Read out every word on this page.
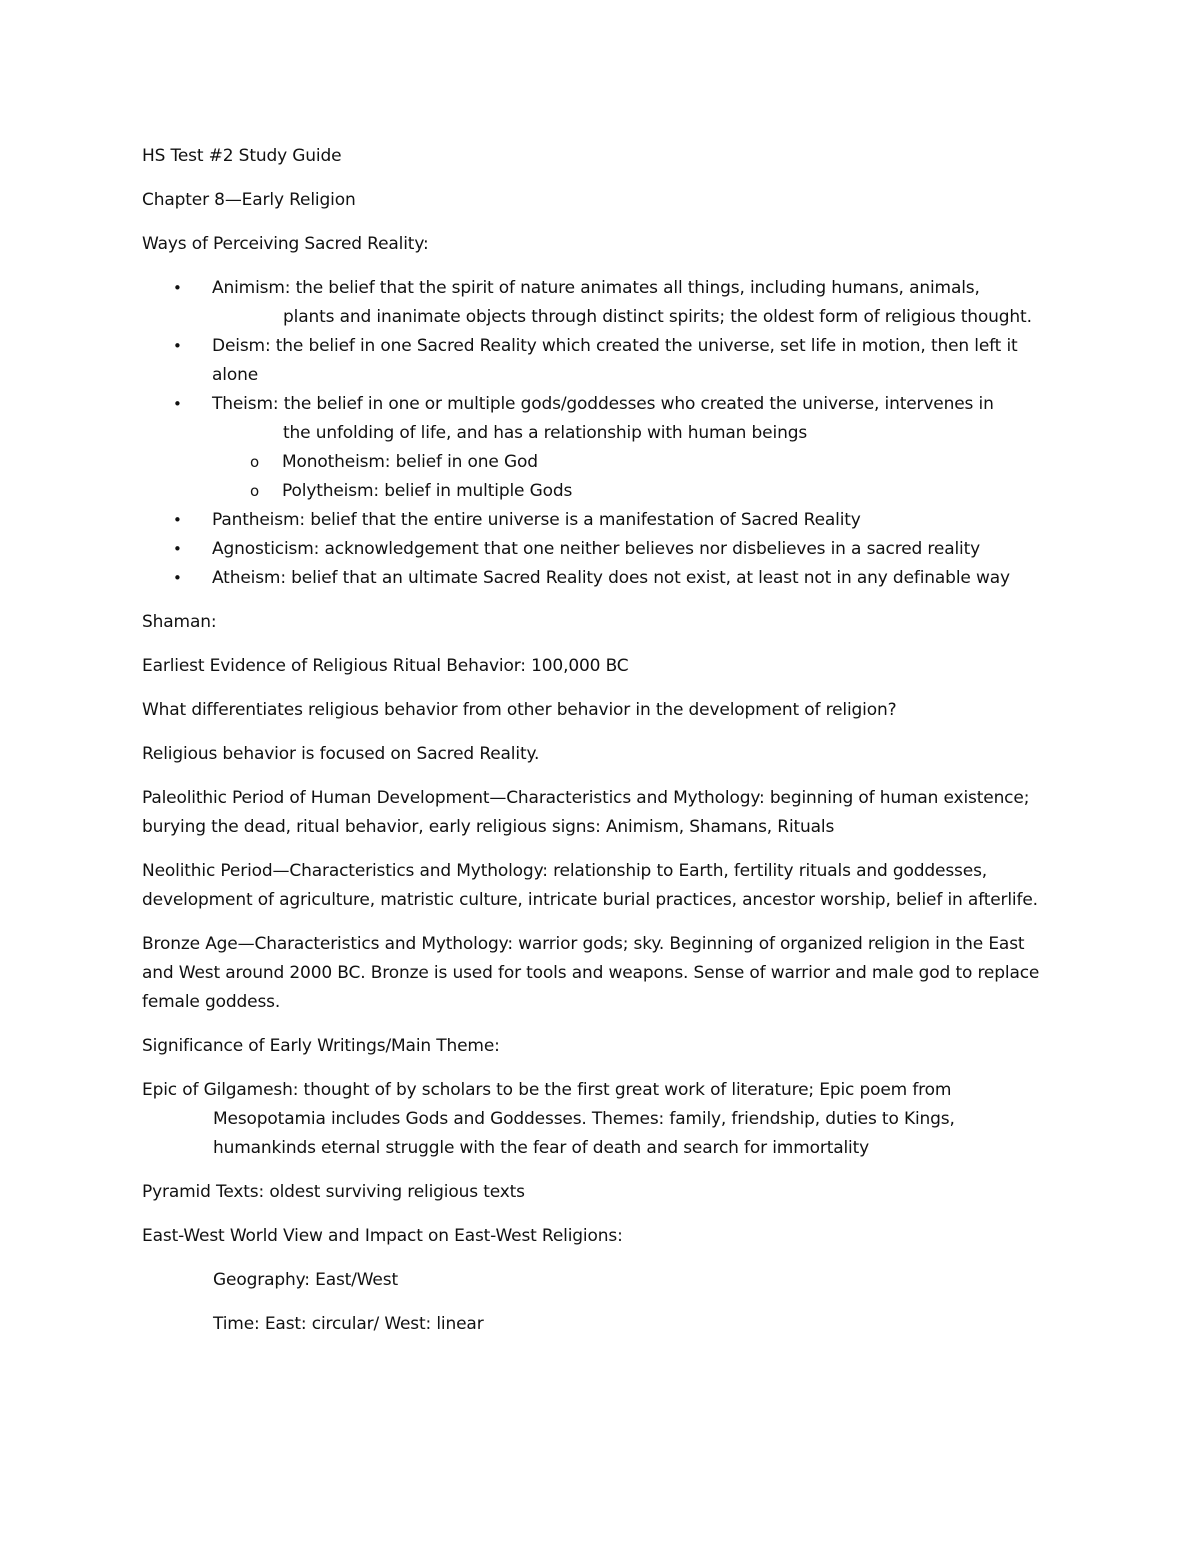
HS Test #2 Study Guide

Chapter 8—Early Religion

Ways of Perceiving Sacred Reality:

• Animism: the belief that the spirit of nature animates all things, including humans, animals,
plants and inanimate objects through distinct spirits; the oldest form of religious thought.
• Deism: the belief in one Sacred Reality which created the universe, set life in motion, then left it alone
• Theism: the belief in one or multiple gods/goddesses who created the universe, intervenes in
the unfolding of life, and has a relationship with human beings
o Monotheism: belief in one God
o Polytheism: belief in multiple Gods
• Pantheism: belief that the entire universe is a manifestation of Sacred Reality
• Agnosticism: acknowledgement that one neither believes nor disbelieves in a sacred reality
• Atheism: belief that an ultimate Sacred Reality does not exist, at least not in any definable way

Shaman:

Earliest Evidence of Religious Ritual Behavior: 100,000 BC

What differentiates religious behavior from other behavior in the development of religion?

Religious behavior is focused on Sacred Reality.

Paleolithic Period of Human Development—Characteristics and Mythology: beginning of human existence; burying the dead, ritual behavior, early religious signs: Animism, Shamans, Rituals

Neolithic Period—Characteristics and Mythology: relationship to Earth, fertility rituals and goddesses, development of agriculture, matristic culture, intricate burial practices, ancestor worship, belief in afterlife.

Bronze Age—Characteristics and Mythology: warrior gods; sky. Beginning of organized religion in the East and West around 2000 BC. Bronze is used for tools and weapons. Sense of warrior and male god to replace female goddess.

Significance of Early Writings/Main Theme:

Epic of Gilgamesh: thought of by scholars to be the first great work of literature; Epic poem from
Mesopotamia includes Gods and Goddesses. Themes: family, friendship, duties to Kings, humankinds eternal struggle with the fear of death and search for immortality

Pyramid Texts: oldest surviving religious texts

East-West World View and Impact on East-West Religions:

Geography: East/West

Time: East: circular/ West: linear
